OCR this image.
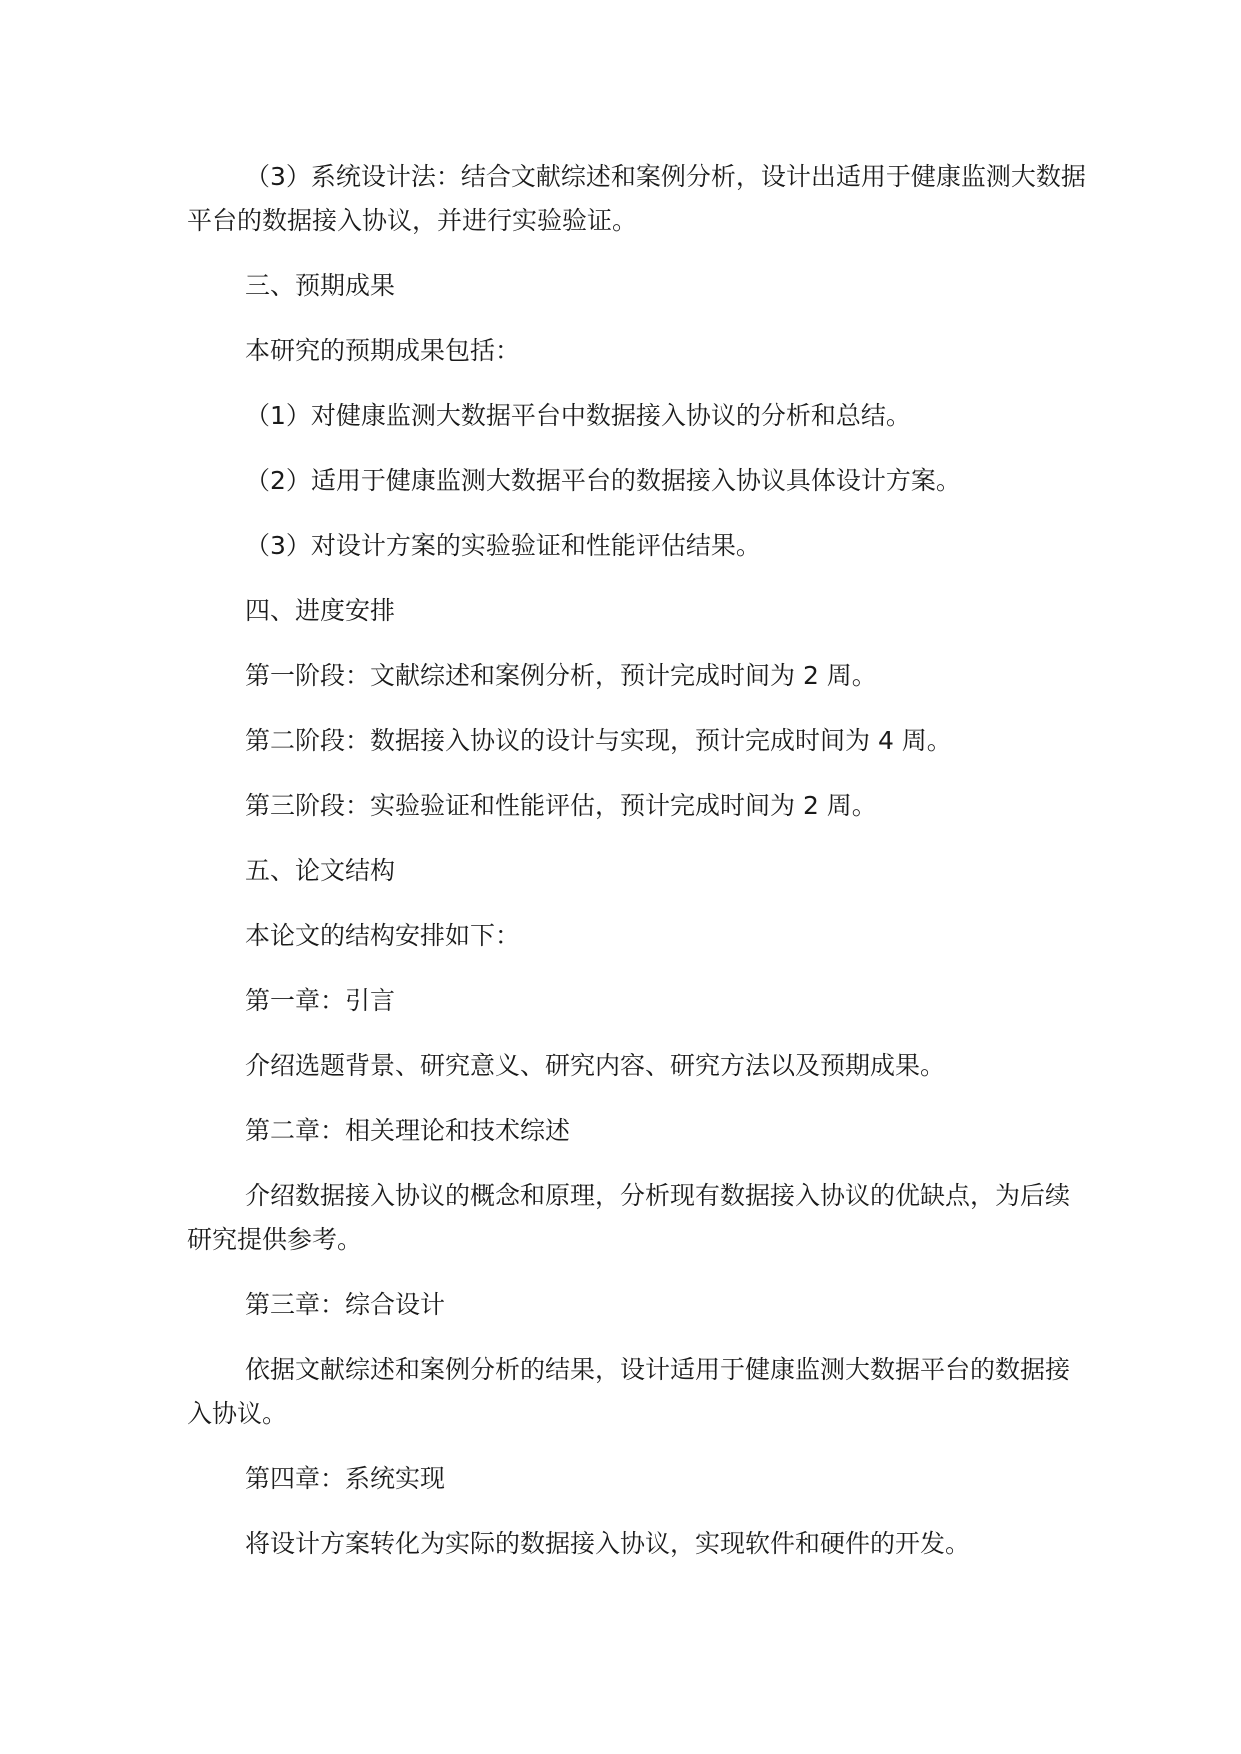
（3）系统设计法：结合文献综述和案例分析，设计出适用于健康监测大数据平台的数据接入协议，并进行实验验证。

三、预期成果

本研究的预期成果包括：

（1）对健康监测大数据平台中数据接入协议的分析和总结。

（2）适用于健康监测大数据平台的数据接入协议具体设计方案。

（3）对设计方案的实验验证和性能评估结果。

四、进度安排

第一阶段：文献综述和案例分析，预计完成时间为 2 周。

第二阶段：数据接入协议的设计与实现，预计完成时间为 4 周。

第三阶段：实验验证和性能评估，预计完成时间为 2 周。

五、论文结构

本论文的结构安排如下：

第一章：引言

介绍选题背景、研究意义、研究内容、研究方法以及预期成果。

第二章：相关理论和技术综述

介绍数据接入协议的概念和原理，分析现有数据接入协议的优缺点，为后续研究提供参考。

第三章：综合设计

依据文献综述和案例分析的结果，设计适用于健康监测大数据平台的数据接入协议。

第四章：系统实现

将设计方案转化为实际的数据接入协议，实现软件和硬件的开发。
